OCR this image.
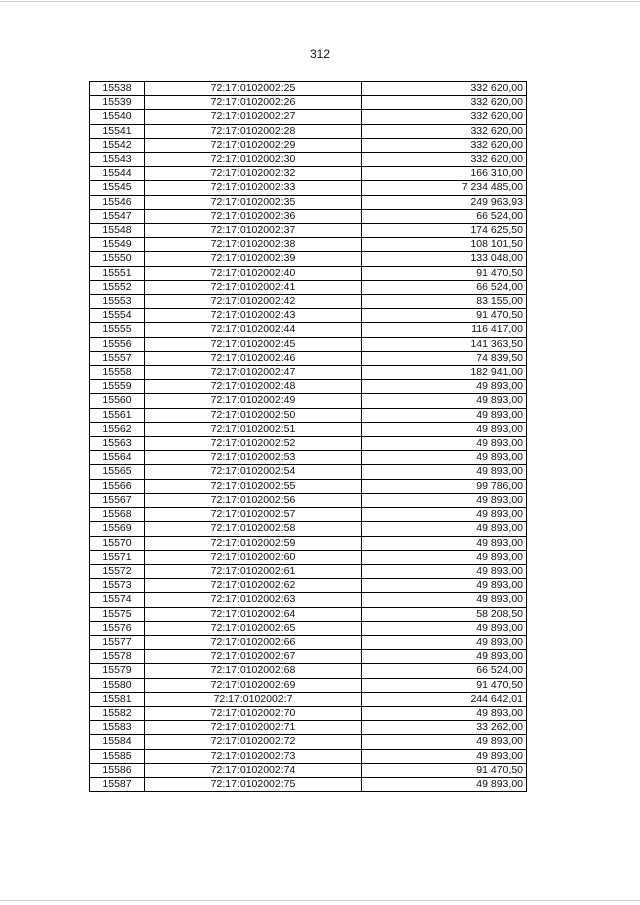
312
15538	72:17:0102002:25	332 620,00
15539	72:17:0102002:26	332 620,00
15540	72:17:0102002:27	332 620,00
15541	72:17:0102002:28	332 620,00
15542	72:17:0102002:29	332 620,00
15543	72:17:0102002:30	332 620,00
15544	72:17:0102002:32	166 310,00
15545	72:17:0102002:33	7 234 485,00
15546	72:17:0102002:35	249 963,93
15547	72:17:0102002:36	66 524,00
15548	72:17:0102002:37	174 625,50
15549	72:17:0102002:38	108 101,50
15550	72:17:0102002:39	133 048,00
15551	72:17:0102002:40	91 470,50
15552	72:17:0102002:41	66 524,00
15553	72:17:0102002:42	83 155,00
15554	72:17:0102002:43	91 470,50
15555	72:17:0102002:44	116 417,00
15556	72:17:0102002:45	141 363,50
15557	72:17:0102002:46	74 839,50
15558	72:17:0102002:47	182 941,00
15559	72:17:0102002:48	49 893,00
15560	72:17:0102002:49	49 893,00
15561	72:17:0102002:50	49 893,00
15562	72:17:0102002:51	49 893,00
15563	72:17:0102002:52	49 893,00
15564	72:17:0102002:53	49 893,00
15565	72:17:0102002:54	49 893,00
15566	72:17:0102002:55	99 786,00
15567	72:17:0102002:56	49 893,00
15568	72:17:0102002:57	49 893,00
15569	72:17:0102002:58	49 893,00
15570	72:17:0102002:59	49 893,00
15571	72:17:0102002:60	49 893,00
15572	72:17:0102002:61	49 893,00
15573	72:17:0102002:62	49 893,00
15574	72:17:0102002:63	49 893,00
15575	72:17:0102002:64	58 208,50
15576	72:17:0102002:65	49 893,00
15577	72:17:0102002:66	49 893,00
15578	72:17:0102002:67	49 893,00
15579	72:17:0102002:68	66 524,00
15580	72:17:0102002:69	91 470,50
15581	72:17:0102002:7	244 642,01
15582	72:17:0102002:70	49 893,00
15583	72:17:0102002:71	33 262,00
15584	72:17:0102002:72	49 893,00
15585	72:17:0102002:73	49 893,00
15586	72:17:0102002:74	91 470,50
15587	72:17:0102002:75	49 893,00
